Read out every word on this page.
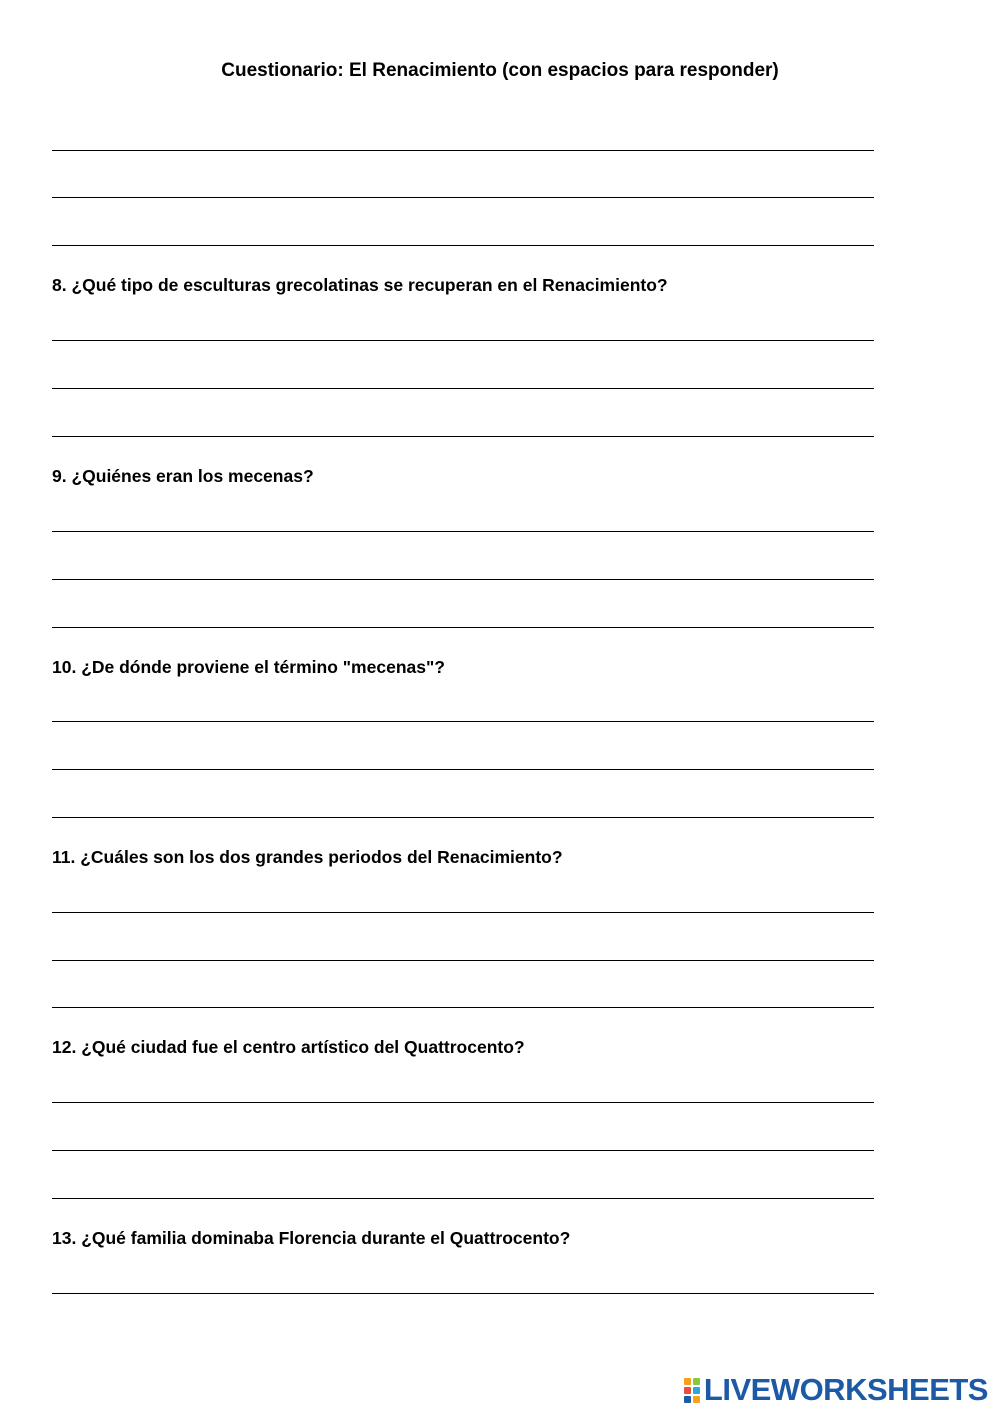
Cuestionario: El Renacimiento (con espacios para responder)
8. ¿Qué tipo de esculturas grecolatinas se recuperan en el Renacimiento?
9. ¿Quiénes eran los mecenas?
10. ¿De dónde proviene el término "mecenas"?
11. ¿Cuáles son los dos grandes periodos del Renacimiento?
12. ¿Qué ciudad fue el centro artístico del Quattrocento?
13. ¿Qué familia dominaba Florencia durante el Quattrocento?
LIVEWORKSHEETS
